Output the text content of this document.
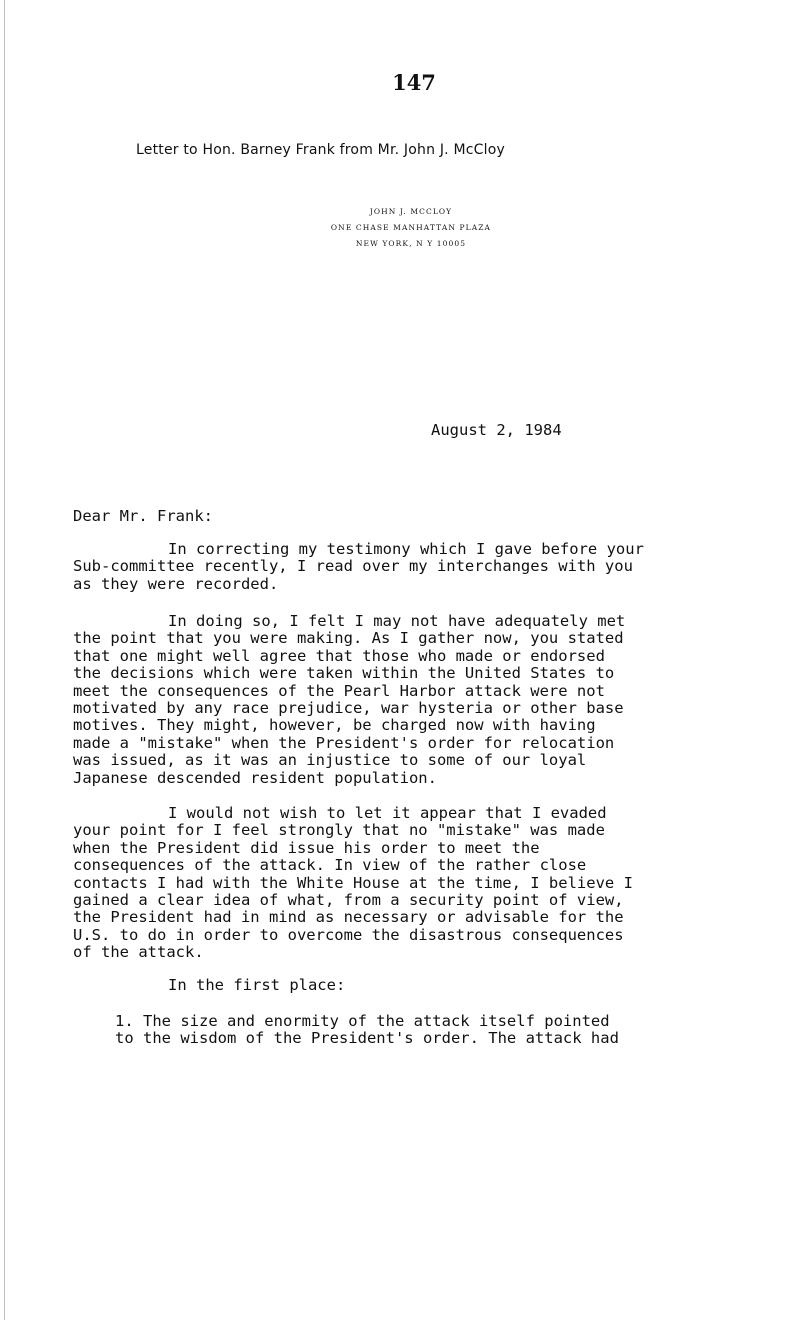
147
Letter to Hon. Barney Frank from Mr. John J. McCloy
JOHN J. MCCLOY
ONE CHASE MANHATTAN PLAZA
NEW YORK, N Y 10005
August 2, 1984
Dear Mr. Frank:
In correcting my testimony which I gave before your
Sub-committee recently, I read over my interchanges with you
as they were recorded.
In doing so, I felt I may not have adequately met
the point that you were making. As I gather now, you stated
that one might well agree that those who made or endorsed
the decisions which were taken within the United States to
meet the consequences of the Pearl Harbor attack were not
motivated by any race prejudice, war hysteria or other base
motives. They might, however, be charged now with having
made a "mistake" when the President's order for relocation
was issued, as it was an injustice to some of our loyal
Japanese descended resident population.
I would not wish to let it appear that I evaded
your point for I feel strongly that no "mistake" was made
when the President did issue his order to meet the
consequences of the attack. In view of the rather close
contacts I had with the White House at the time, I believe I
gained a clear idea of what, from a security point of view,
the President had in mind as necessary or advisable for the
U.S. to do in order to overcome the disastrous consequences
of the attack.
In the first place:
1. The size and enormity of the attack itself pointed
to the wisdom of the President's order. The attack had
